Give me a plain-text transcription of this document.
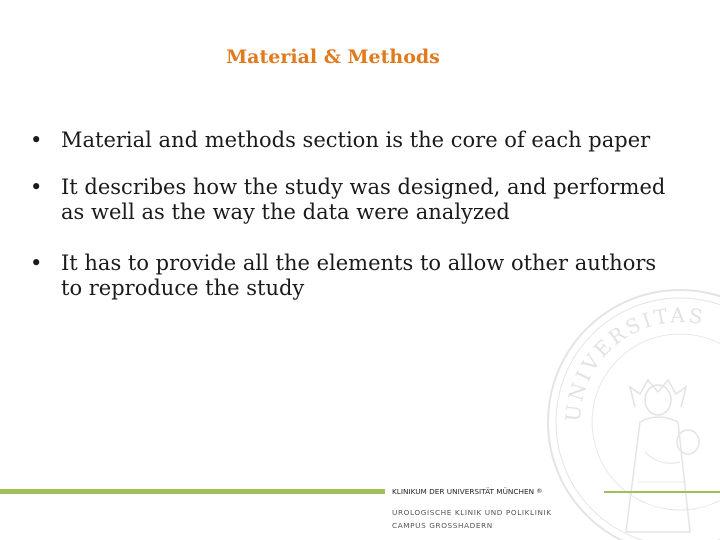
Material & Methods
• Material and methods section is the core of each paper
• It describes how the study was designed, and performed as well as the way the data were analyzed
• It has to provide all the elements to allow other authors to reproduce the study
UNIVERSITAS
KLINIKUM DER UNIVERSITÄT MÜNCHEN ®
UROLOGISCHE KLINIK UND POLIKLINIK
CAMPUS GROSSHADERN
